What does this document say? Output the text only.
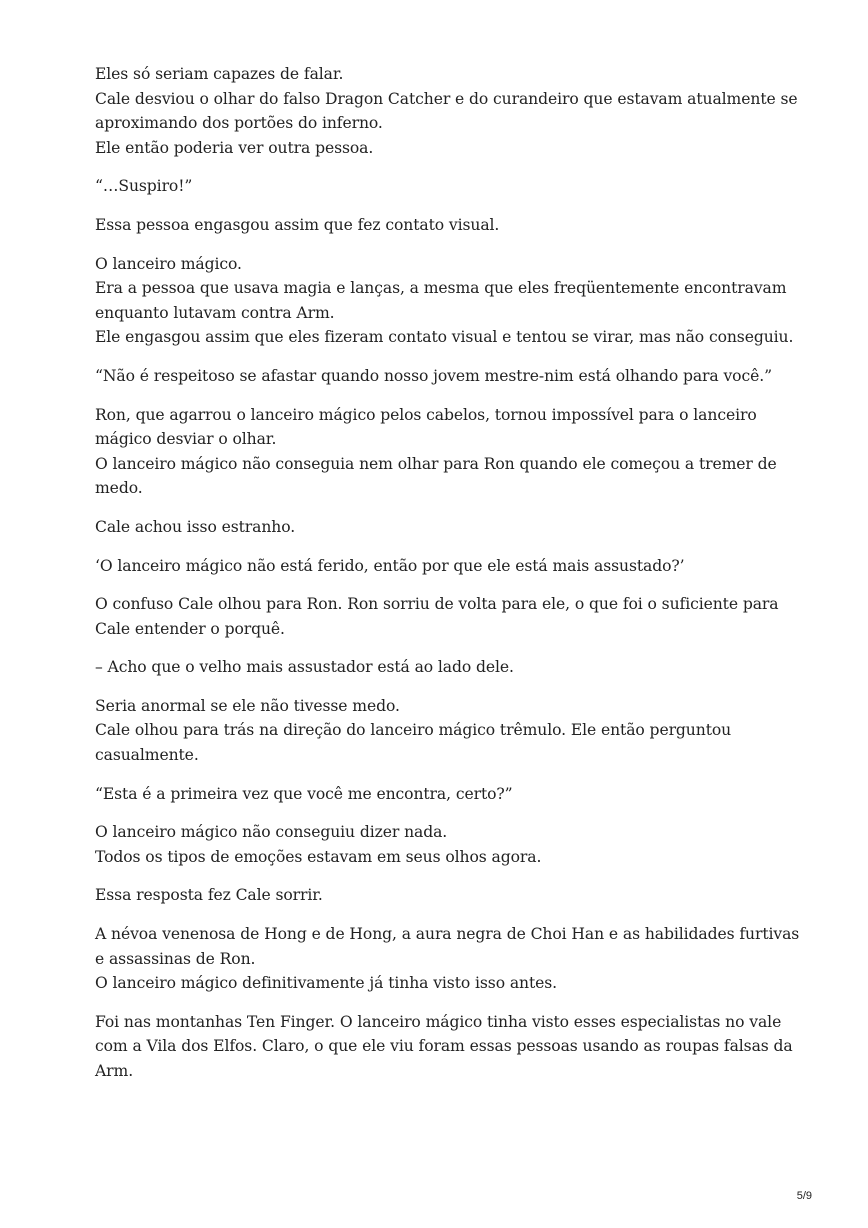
Eles só seriam capazes de falar.
Cale desviou o olhar do falso Dragon Catcher e do curandeiro que estavam atualmente se
aproximando dos portões do inferno.
Ele então poderia ver outra pessoa.

“…Suspiro!”

Essa pessoa engasgou assim que fez contato visual.

O lanceiro mágico.
Era a pessoa que usava magia e lanças, a mesma que eles freqüentemente encontravam
enquanto lutavam contra Arm.
Ele engasgou assim que eles fizeram contato visual e tentou se virar, mas não conseguiu.

“Não é respeitoso se afastar quando nosso jovem mestre-nim está olhando para você.”

Ron, que agarrou o lanceiro mágico pelos cabelos, tornou impossível para o lanceiro
mágico desviar o olhar.
O lanceiro mágico não conseguia nem olhar para Ron quando ele começou a tremer de
medo.

Cale achou isso estranho.

‘O lanceiro mágico não está ferido, então por que ele está mais assustado?’

O confuso Cale olhou para Ron. Ron sorriu de volta para ele, o que foi o suficiente para
Cale entender o porquê.

– Acho que o velho mais assustador está ao lado dele.

Seria anormal se ele não tivesse medo.
Cale olhou para trás na direção do lanceiro mágico trêmulo. Ele então perguntou
casualmente.

“Esta é a primeira vez que você me encontra, certo?”

O lanceiro mágico não conseguiu dizer nada.
Todos os tipos de emoções estavam em seus olhos agora.

Essa resposta fez Cale sorrir.

A névoa venenosa de Hong e de Hong, a aura negra de Choi Han e as habilidades furtivas
e assassinas de Ron.
O lanceiro mágico definitivamente já tinha visto isso antes.

Foi nas montanhas Ten Finger. O lanceiro mágico tinha visto esses especialistas no vale
com a Vila dos Elfos. Claro, o que ele viu foram essas pessoas usando as roupas falsas da
Arm.

5/9
